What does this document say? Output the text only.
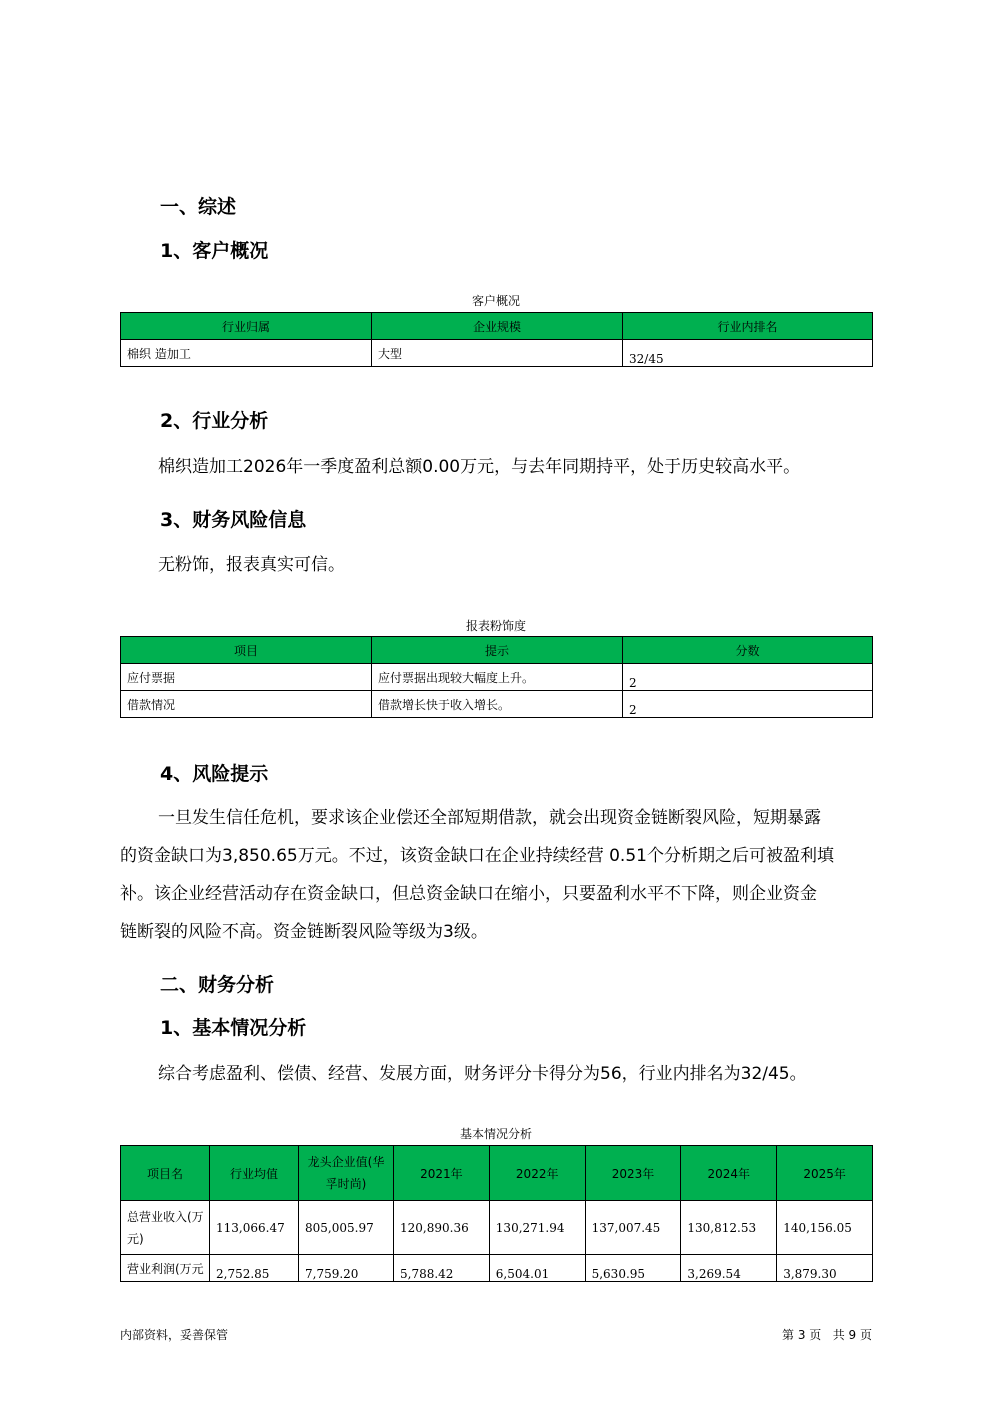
一、综述
1、客户概况
客户概况
行业归属	企业规模	行业内排名
棉织 造加工	大型	32/45
2、行业分析
棉织造加工2026年一季度盈利总额0.00万元，与去年同期持平，处于历史较高水平。
3、财务风险信息
无粉饰，报表真实可信。
报表粉饰度
项目	提示	分数
应付票据	应付票据出现较大幅度上升。	2
借款情况	借款增长快于收入增长。	2
4、风险提示
一旦发生信任危机，要求该企业偿还全部短期借款，就会出现资金链断裂风险，短期暴露
的资金缺口为3,850.65万元。不过，该资金缺口在企业持续经营 0.51个分析期之后可被盈利填
补。该企业经营活动存在资金缺口，但总资金缺口在缩小，只要盈利水平不下降，则企业资金
链断裂的风险不高。资金链断裂风险等级为3级。
二、财务分析
1、基本情况分析
综合考虑盈利、偿债、经营、发展方面，财务评分卡得分为56，行业内排名为32/45。
基本情况分析
项目名	行业均值	龙头企业值(华孚时尚)	2021年	2022年	2023年	2024年	2025年
总营业收入(万元)	113,066.47	805,005.97	120,890.36	130,271.94	137,007.45	130,812.53	140,156.05
营业利润(万元	2,752.85	7,759.20	5,788.42	6,504.01	5,630.95	3,269.54	3,879.30
内部资料，妥善保管	第 3 页   共 9 页
